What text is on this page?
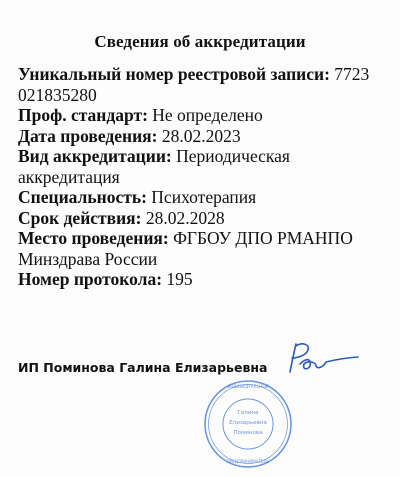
Сведения об аккредитации

Уникальный номер реестровой записи: 7723 021835280

Проф. стандарт: Не определено

Дата проведения: 28.02.2023

Вид аккредитации: Периодическая аккредитация

Специальность: Психотерапия

Срок действия: 28.02.2028

Место проведения: ФГБОУ ДПО РМАНПО Минздрава России

Номер протокола: 195

ИП Поминова Галина Елизарьевна
ИНДИВИДУАЛЬНЫЙ
ПРЕДПРИНИМАТЕЛЬ
Галина
Елизарьевна
Поминова
